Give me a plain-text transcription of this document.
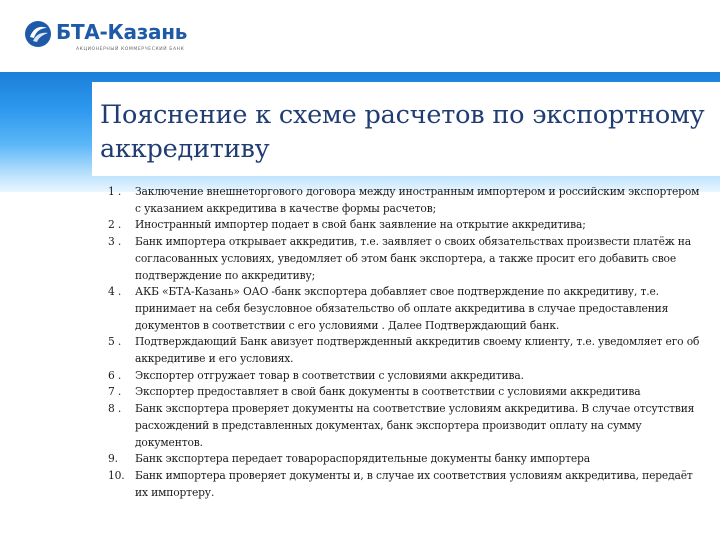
БТА-Казань
АКЦИОНЕРНЫЙ КОММЕРЧЕСКИЙ БАНК
Пояснение к схеме расчетов по экспортному аккредитиву
1 . Заключение внешнеторгового договора между иностранным импортером и российским экспортером с указанием аккредитива в качестве формы расчетов;
2 . Иностранный импортер подает в свой банк заявление на открытие аккредитива;
3 . Банк импортера открывает аккредитив, т.е. заявляет о своих обязательствах произвести платёж на согласованных условиях, уведомляет об этом банк экспортера, а также просит его добавить свое подтверждение по аккредитиву;
4 . АКБ «БТА-Казань» ОАО -банк экспортера добавляет свое подтверждение по аккредитиву, т.е. принимает на себя безусловное обязательство об оплате аккредитива в случае предоставления документов в соответствии с его условиями . Далее Подтверждающий банк.
5 . Подтверждающий Банк авизует подтвержденный аккредитив своему клиенту, т.е. уведомляет его об аккредитиве и его условиях.
6 . Экспортер отгружает товар в соответствии с условиями аккредитива.
7 . Экспортер предоставляет в свой банк документы в соответствии с условиями аккредитива
8 . Банк экспортера проверяет документы на соответствие условиям аккредитива. В случае отсутствия расхождений в представленных документах, банк экспортера производит оплату на сумму документов.
9. Банк экспортера передает товарораспорядительные документы банку импортера
10. Банк импортера проверяет документы и, в случае их соответствия условиям аккредитива, передаёт их импортеру.
